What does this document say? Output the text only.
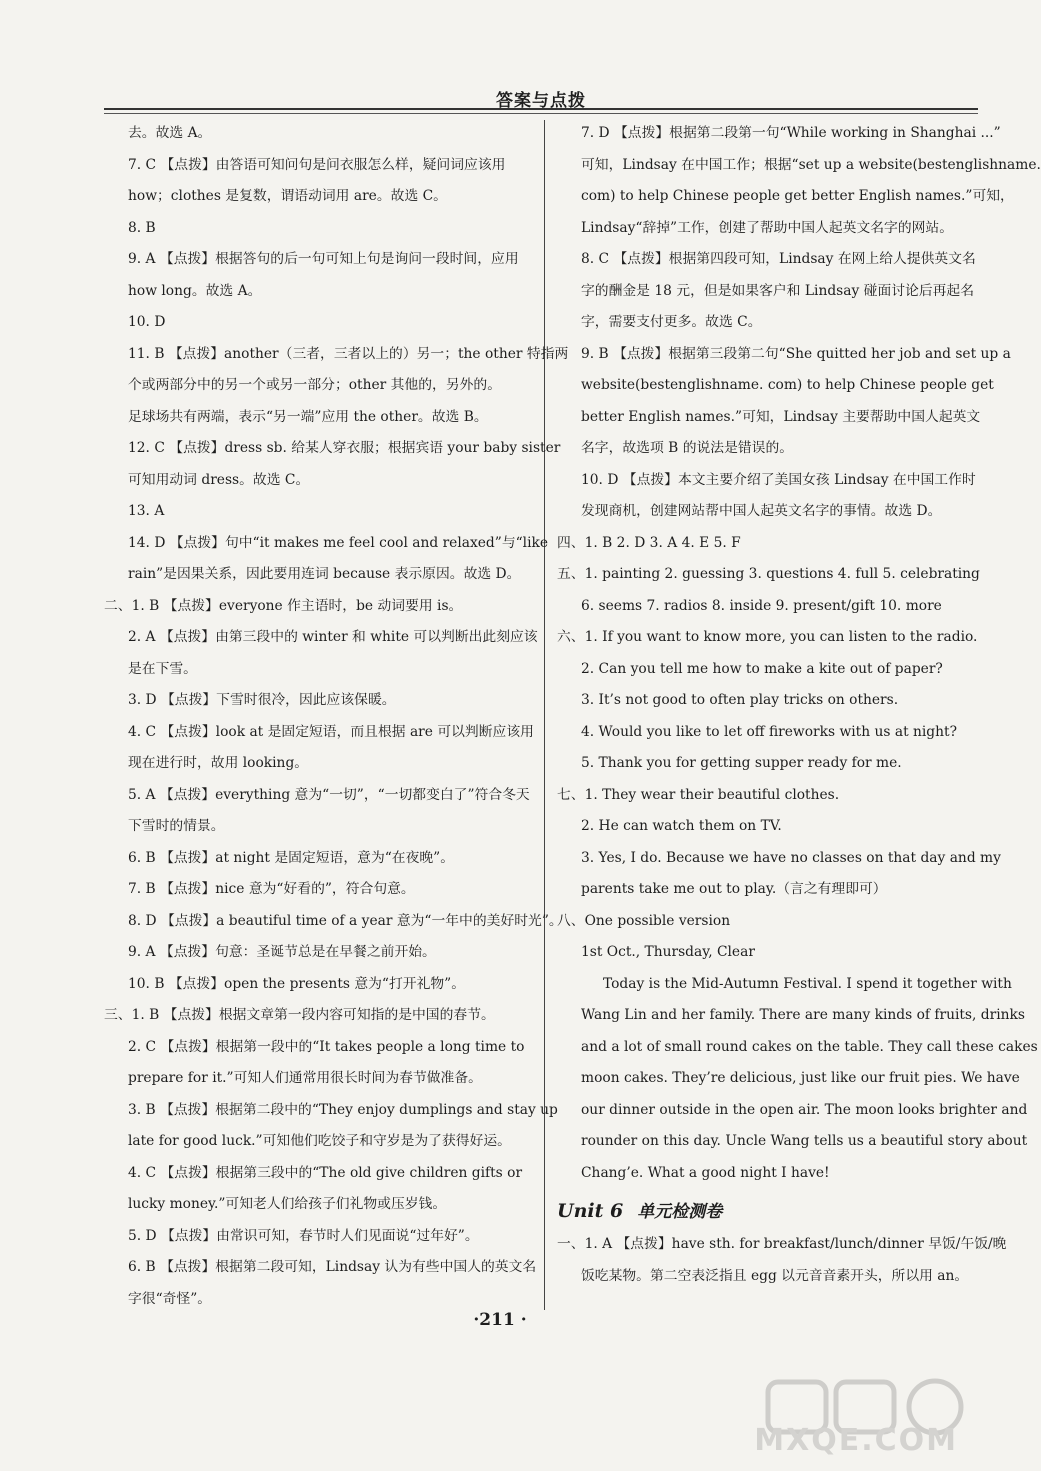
答案与点拨
去。故选 A。
7. C 【点拨】由答语可知问句是问衣服怎么样，疑问词应该用
how；clothes 是复数，谓语动词用 are。故选 C。
8. B
9. A 【点拨】根据答句的后一句可知上句是询问一段时间，应用
how long。故选 A。
10. D
11. B 【点拨】another（三者，三者以上的）另一；the other 特指两
个或两部分中的另一个或另一部分；other 其他的，另外的。
足球场共有两端，表示“另一端”应用 the other。故选 B。
12. C 【点拨】dress sb. 给某人穿衣服；根据宾语 your baby sister
可知用动词 dress。故选 C。
13. A
14. D 【点拨】句中“it makes me feel cool and relaxed”与“like
rain”是因果关系，因此要用连词 because 表示原因。故选 D。
二、1. B 【点拨】everyone 作主语时，be 动词要用 is。
2. A 【点拨】由第三段中的 winter 和 white 可以判断出此刻应该
是在下雪。
3. D 【点拨】下雪时很冷，因此应该保暖。
4. C 【点拨】look at 是固定短语，而且根据 are 可以判断应该用
现在进行时，故用 looking。
5. A 【点拨】everything 意为“一切”，“一切都变白了”符合冬天
下雪时的情景。
6. B 【点拨】at night 是固定短语，意为“在夜晚”。
7. B 【点拨】nice 意为“好看的”，符合句意。
8. D 【点拨】a beautiful time of a year 意为“一年中的美好时光”。
9. A 【点拨】句意：圣诞节总是在早餐之前开始。
10. B 【点拨】open the presents 意为“打开礼物”。
三、1. B 【点拨】根据文章第一段内容可知指的是中国的春节。
2. C 【点拨】根据第一段中的“It takes people a long time to
prepare for it.”可知人们通常用很长时间为春节做准备。
3. B 【点拨】根据第二段中的“They enjoy dumplings and stay up
late for good luck.”可知他们吃饺子和守岁是为了获得好运。
4. C 【点拨】根据第三段中的“The old give children gifts or
lucky money.”可知老人们给孩子们礼物或压岁钱。
5. D 【点拨】由常识可知，春节时人们见面说“过年好”。
6. B 【点拨】根据第二段可知，Lindsay 认为有些中国人的英文名
字很“奇怪”。
7. D 【点拨】根据第二段第一句“While working in Shanghai ...”
可知，Lindsay 在中国工作；根据“set up a website(bestenglishname.
com) to help Chinese people get better English names.”可知，
Lindsay“辞掉”工作，创建了帮助中国人起英文名字的网站。
8. C 【点拨】根据第四段可知，Lindsay 在网上给人提供英文名
字的酬金是 18 元，但是如果客户和 Lindsay 碰面讨论后再起名
字，需要支付更多。故选 C。
9. B 【点拨】根据第三段第二句“She quitted her job and set up a
website(bestenglishname. com) to help Chinese people get
better English names.”可知，Lindsay 主要帮助中国人起英文
名字，故选项 B 的说法是错误的。
10. D 【点拨】本文主要介绍了美国女孩 Lindsay 在中国工作时
发现商机，创建网站帮中国人起英文名字的事情。故选 D。
四、1. B 2. D 3. A 4. E 5. F
五、1. painting 2. guessing 3. questions 4. full 5. celebrating
6. seems 7. radios 8. inside 9. present/gift 10. more
六、1. If you want to know more, you can listen to the radio.
2. Can you tell me how to make a kite out of paper?
3. It’s not good to often play tricks on others.
4. Would you like to let off fireworks with us at night?
5. Thank you for getting supper ready for me.
七、1. They wear their beautiful clothes.
2. He can watch them on TV.
3. Yes, I do. Because we have no classes on that day and my
parents take me out to play.（言之有理即可）
八、One possible version
1st Oct., Thursday, Clear
Today is the Mid-Autumn Festival. I spend it together with
Wang Lin and her family. There are many kinds of fruits, drinks
and a lot of small round cakes on the table. They call these cakes
moon cakes. They’re delicious, just like our fruit pies. We have
our dinner outside in the open air. The moon looks brighter and
rounder on this day. Uncle Wang tells us a beautiful story about
Chang’e. What a good night I have!
Unit 6 单元检测卷
一、1. A 【点拨】have sth. for breakfast/lunch/dinner 早饭/午饭/晚
饭吃某物。第二空表泛指且 egg 以元音音素开头，所以用 an。
·211 ·
MXQE.COM
